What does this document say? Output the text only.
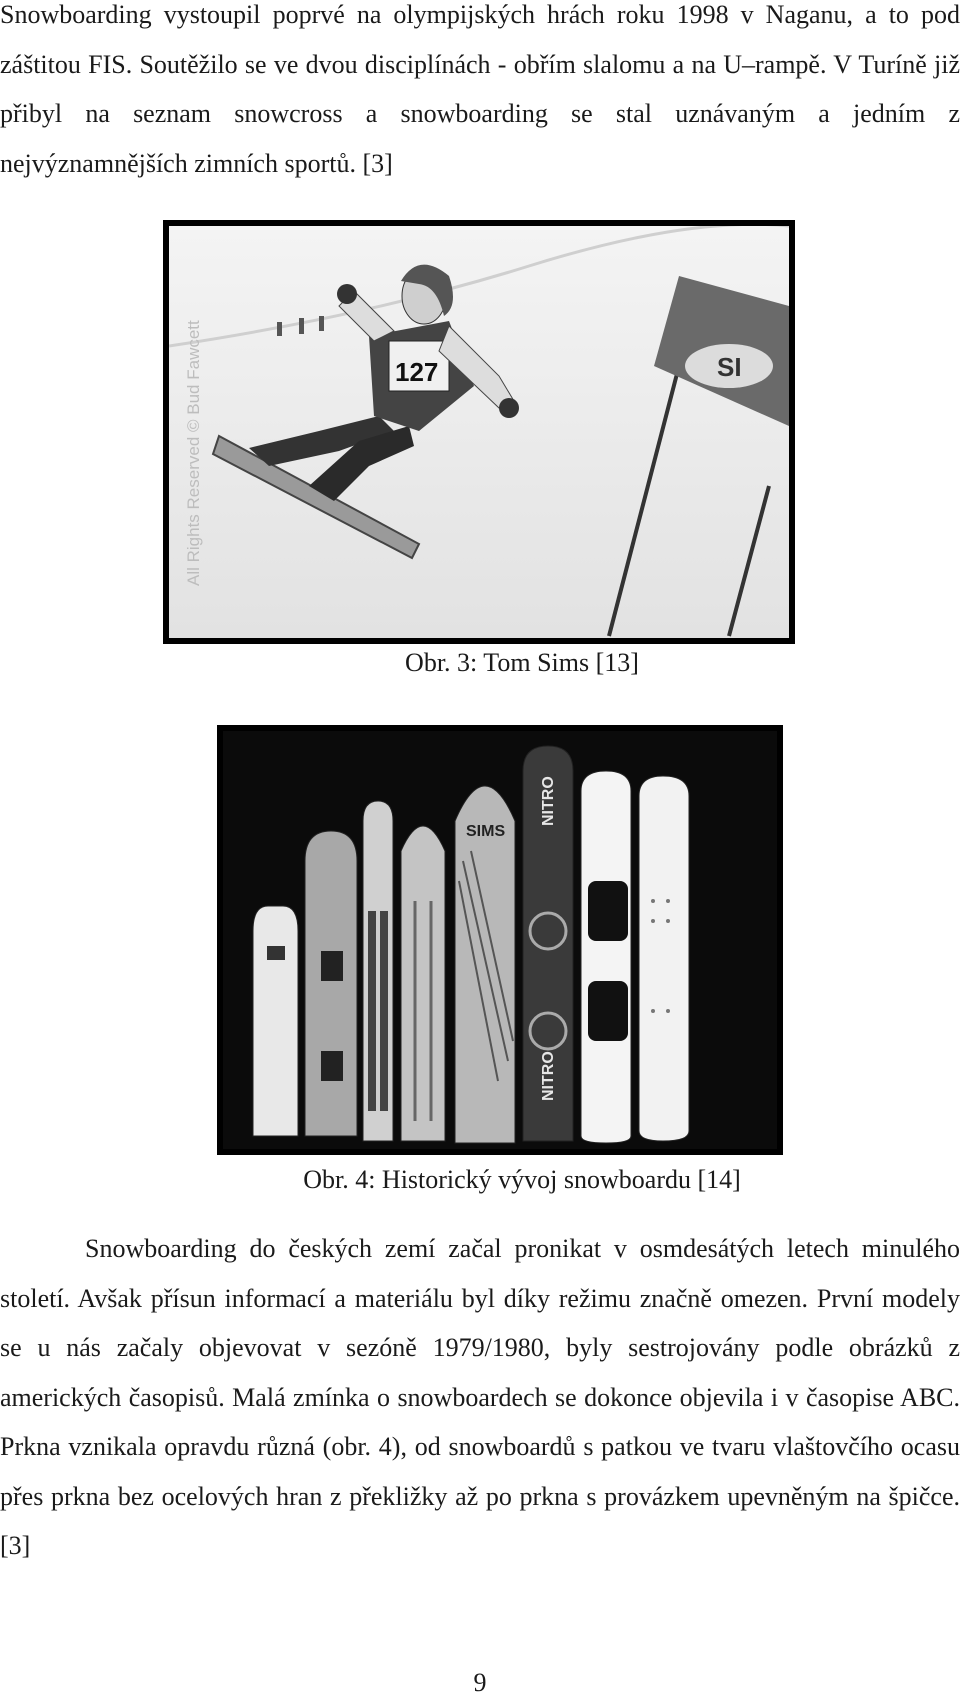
Snowboarding vystoupil poprvé na olympijských hrách roku 1998 v Naganu, a to pod záštitou FIS. Soutěžilo se ve dvou disciplínách - obřím slalomu a na U–rampě. V Turíně již přibyl na seznam snowcross a snowboarding se stal uznávaným a jedním z nejvýznamnějších zimních sportů. [3]

SI
127
All Rights Reserved © Bud Fawcett

Obr. 3: Tom Sims [13]

SIMS
NITRO
NITRO

Obr. 4: Historický vývoj snowboardu [14]

Snowboarding do českých zemí začal pronikat v osmdesátých letech minulého století. Avšak přísun informací a materiálu byl díky režimu značně omezen. První modely se u nás začaly objevovat v sezóně 1979/1980, byly sestrojovány podle obrázků z amerických časopisů. Malá zmínka o snowboardech se dokonce objevila i v časopise ABC. Prkna vznikala opravdu různá (obr. 4), od snowboardů s patkou ve tvaru vlaštovčího ocasu přes prkna bez ocelových hran z překližky až po prkna s provázkem upevněným na špičce. [3]

9
